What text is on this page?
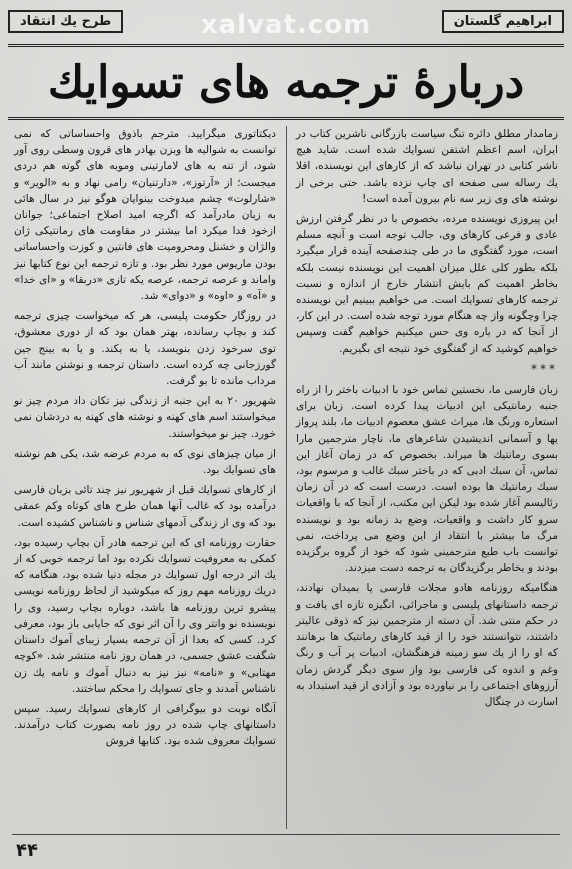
xalvat.com	ابراهیم گلستان
طرح یك انتقاد
دربارهٔ ترجمه های تسوایك

زمامدار مطلق دائره تنگ سیاست بازرگانی ناشرین کتاب در ایران، اسم اعظم اشتفن تسوایك شده است. شاید هیچ ناشر کتابی در تهران نباشد که از کارهای این نویسنده، اقلا یك رساله سی صفحه ای چاپ نزده باشد. حتی برخی از نوشته های وی زیر سه نام بیرون آمده است!

این پیروزی نویسنده مرده، بخصوص با در نظر گرفتن ارزش عادی و فرعی کارهای وی، جالب توجه است و آنچه مسلم است، مورد گفتگوی ما در طی چندصفحه آینده قرار میگیرد بلکه بطور کلی علل میزان اهمیت این نویسنده نیست بلکه بخاطر اهمیت کم بایش انتشار خارج از اندازه و نسبت ترجمه کارهای تسوایك است. می خواهیم ببینیم این نویسنده چرا وچگونه واز چه هنگام مورد توجه شده است. در این کار، از آنجا که در باره وی حس میکنیم خواهیم گفت وسپس خواهیم کوشید که از گفتگوی خود نتیجه ای بگیریم.

***

زبان فارسی ما، نخستین تماس خود با ادبیات باختر را از راه جنبه رمانتیکی این ادبیات پیدا کرده است. زبان برای استعاره ورنگ ها، میراث عشق معصوم ادبیات ما، بلند پرواز یها و آسمانی اندیشیدن شاعرهای ما، ناچار مترجمین مارا بسوی رمانتیك ها میراند. بخصوص که در زمان آغاز این تماس، آن سبك ادبی که در باختر سبك غالب و مرسوم بود، سبك رمانتیك ها بوده است. درست است که در آن زمان رئالیسم آغاز شده بود لیکن این مکتب، از آنجا که با واقعیات سرو کار داشت و واقعیات، وضع بد زمانه بود و نویسنده مرگ ما بیشتر با انتقاد از این وضع می پرداخت، نمی توانست باب طبع مترجمینی شود که خود از گروه برگزیده بودند و بخاطر برگزیدگان به ترجمه دست میزدند.

هنگامیکه روزنامه هادو مجلات فارسی پا بمیدان نهادند، ترجمه داستانهای پلیسی و ماجرائی، انگیزه تازه ای یافت و در حکم منتی شد. آن دسته از مترجمین نیز که ذوقی عالیتر داشتند، نتوانستند خود را از قید کارهای رمانتیک ها برهانند که او را از یك سو زمینه فرهنگشان، ادبیات پر آب و رنگ وغم و اندوه کی فارسی بود واز سوی دیگر گردش زمان آرزوهای اجتماعی را بر نیاورده بود و آزادی از قید استبداد به اسارت در چنگال

دیکتاتوری میگرایید. مترجم باذوق واحساساتی که نمی توانست به شوالیه ها وبزن بهادر های قرون وسطی روی آور شود، از تنه به های لامارتینی وموبه های گوته هم دردی میجست؛ از «آرتوز»، «دارتنیان» رامی نهاد و به «الویر» و «شارلوت» چشم میدوخت بینوایان هوگو نیز در سال هائی به زبان مادرآمد که اگرچه امید اصلاح اجتماعی؛ جوانان ازخود فدا میکرد اما بیشتر در مقاومت های رمانتیکی ژان والژان و خشنل ومحرومیت های فانتین و کوزت واحساساتی بودن ماریوس مورد نظر بود. و تازه ترجمه این نوع کتابها نیز واماند و عرصه ترجمه، عرصه یکه تازی «دربقا» و «ای خدا» و «آه» و «اوه» و «دوای» شد.

در روزگار حکومت پلیسی، هر که میخواست چیزی ترجمه کند و بچاپ رسانده، بهتر همان بود که از دوری معشوق، توی سرخود زدن بنویسد، یا به یکند. و یا به بینج جین گورزجانی چه کرده است. داستان ترجمه و نوشتن مانند آب مرداب مانده تا بو گرفت.

شهریور ۲۰ به این جنبه از زندگی نیز تکان داد مردم چیز نو میخواستند اسم های کهنه و نوشته های کهنه به دردشان نمی خورد. چیز نو میخواستند.

از میان چیزهای نوی که به مردم عرضه شد، یکی هم نوشته های تسوایك بود.

از کارهای تسوایك قبل از شهریور نیز چند تائی بزبان فارسی درآمده بود که غالب آنها همان طرح های کوتاه وکم عمقی بود که وی از زندگی آدمهای شناس و ناشناس کشیده است.

حقارت روزنامه ای که این ترجمه هادر آن بچاپ رسیده بود، کمکی به معروفیت تسوایك نکرده بود اما ترجمه خوبی که از یك اثر درجه اول تسوایك در مجله دنیا شده بود، هنگامه که دریك روزنامه مهم روز که میکوشید از لحاظ روزنامه نویسی پیشرو ترین روزنامه ها باشد، دوباره بچاپ رسید، وی را نویسنده نو وانتر وی را آن اثر نوی که جایابی باز بود، معرفی کرد. کسی که بعدا از آن ترجمه بسیار زیبای آموك داستان شگفت عشق جسمی، در همان روز نامه منتشر شد. «کوچه مهتابی» و «نامه» نیز نیز به دنبال آموك و نامه یك زن ناشناس آمدند و جای تسوایك را محکم ساختند.

آنگاه نوبت دو بیوگرافی از کارهای تسوایك رسید. سپس داستانهای چاپ شده در روز نامه بصورت کتاب درآمدند. تسوایك معروف شده بود. کتابها فروش

۴۴
